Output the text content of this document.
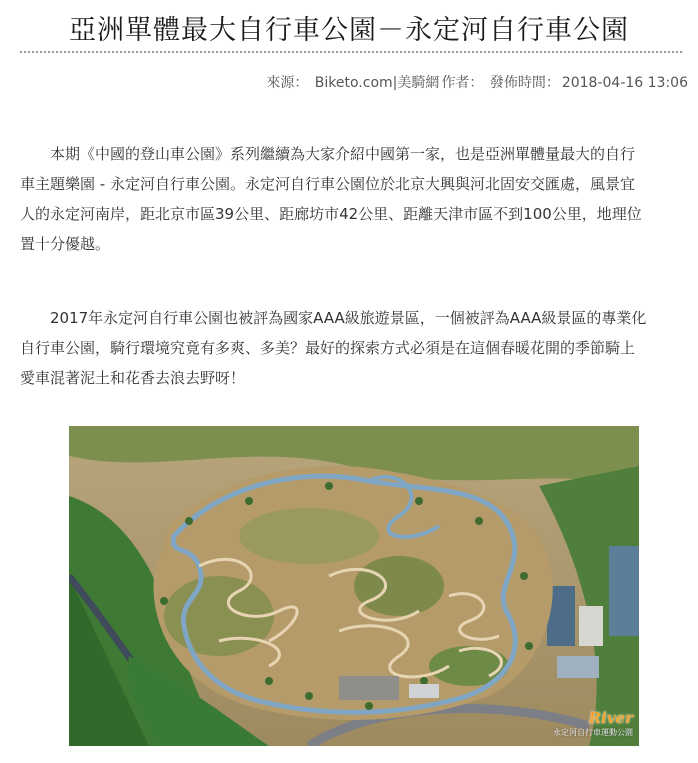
亞洲單體最大自行車公園－永定河自行車公園
來源： Biketo.com|美騎網 作者： 發佈時間： 2018-04-16 13:06

本期《中國的登山車公園》系列繼續為大家介紹中國第一家，也是亞洲單體量最大的自行
車主題樂園 - 永定河自行車公園。永定河自行車公園位於北京大興與河北固安交匯處，風景宜
人的永定河南岸，距北京市區39公里、距廊坊市42公里、距離天津市區不到100公里，地理位
置十分優越。

2017年永定河自行車公園也被評為國家AAA級旅遊景區，一個被評為AAA級景區的專業化
自行車公園，騎行環境究竟有多爽、多美？最好的探索方式必須是在這個春暖花開的季節騎上
愛車混著泥土和花香去浪去野呀！

River
永定河自行車運動公園
